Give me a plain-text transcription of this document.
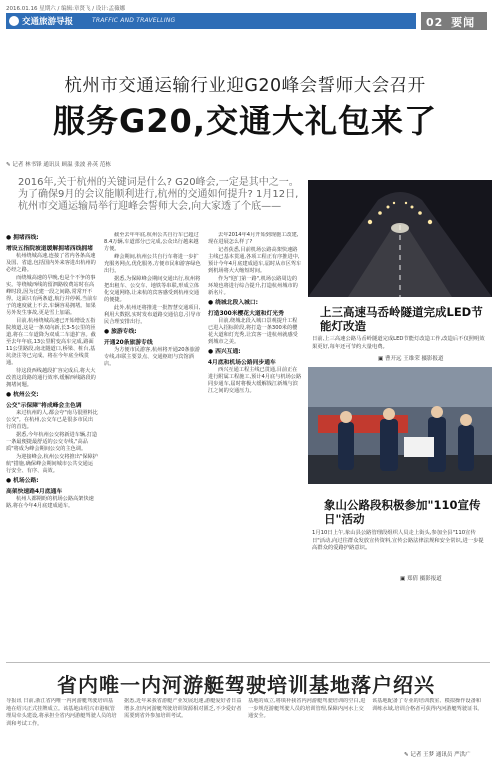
2016.01.16 星期六 / 编辑:章贤飞 / 设计:孟薇娜
交通旅游导报	TRAFFIC AND TRAVELLING	02 要闻
杭州市交通运输行业迎G20峰会誓师大会召开
服务G20,交通大礼包来了
✎ 记者 林书锋 通讯员 顾温 张波 孙英 范栋
2016年,关于杭州的关键词是什么? G20峰会,一定是其中之一。为了确保9月的会议能顺利进行,杭州的交通如何提升? 1月12日,杭州市交通运输局举行迎峰会誓师大会,向大家透了个底——
● 拥堵西线:
增设五指院坡道缓解拥堵西线拥堵

杭州绕城高速,连接了省内各条高速及国、省道,包括国内外来客进出杭州的必经之路。

而绕城高速的早晚,也是个不争的事实。等绕城西线的留泗路收费站时在高峰时段,因为迁建一段之间路,常常开不得。这面只有两条道,航行并停顿,当前车子的速度就上不去,车辆容易拥堵。如果另外发生事故,更是雪上加霜。

目前,杭州绕城高速已开始增设五指院坡道,这是一条双向新,长3-5公里的匝道,将在二车道降为双成二车道扩容。截至去年年底,13公里附变高车完成,路面11公里路段,南北隧道口,桥梁、桩台,基坑浇注等已完成。将在今年底全线贯通。

待这段西线越段扩容完成后,将大大改善这段路的通行效率,缓解西线路段的拥堵问题。

● 杭州公交:
公交"示保障"将成峰会主色调

来过杭州的人,都会夸"南马很照料比公交"。在杭州,公交车已是很多市民出行的首选。

据悉,今年杭州公交将新进车辆,打造一条最便捷最舒适的公交专线,"高品质"将成为峰会期间公交的主色调。

为迎接峰会,杭州公交将推出"保障护航"措施,确保峰会期间城市公共交通运行安全、有序、高效。

● 机场公路:
高架快速路4月底通车

杭州人都期盼的机场公路高架快速路,将在今年4月底建成通车。

截至去年年底,杭州公共自行车已超过8.4万辆,车道部分已完成,公众出行越来越方便。

峰会期间,杭州公共自行车将进一步扩充服务网点,优化服务,方便市民和游客绿色出行。

据悉,为保障峰会期间交通出行,杭州将把出租车、公交车、地铁等串联,形成立体化交通网络,让来杭的宾客感受到杭州交通的便捷。

此外,杭州还将推进一批智慧交通项目,利用大数据,实时发布道路交通信息,引导市民合理安排出行。

● 旅游专线:
开通20条旅游专线

为方便市民游客,杭州将开通20条旅游专线,串联主要景点、交通枢纽与宾馆酒店。

去年2014年4月开始到现施工改建,现在进展怎么样了?

记者获悉,目前机场公路高架快速路主线已基本贯通,各项工程正有序推进中,预计今年4月底建成通车,届时从市区驾车到机场将大大缩短时间。

作为"迎门第一路",机场公路周边的环境也将进行综合提升,打造杭州城市的新名片。

● 绕城北段入城口:
打造300米樱花大道和灯光秀

目前,绕城北段入城口景观提升工程已进入招标阶段,将打造一条300米的樱花大道和灯光秀,让宾客一进杭州就感受到城市之美。

● 西兴互通:
4月底和机场公路同步通车

西兴互通工程主线已贯通,目前正在进行附属工程施工,预计4月底与机场公路同步通车,届时将极大缓解钱江新城与滨江之间的交通压力。

上三高速马岙岭隧道完成LED节能灯改造
日前,上三高速公路马岙岭隧道完成LED节能灯改造工作,改造后不仅照明效果更好,每年还可节约大量电费。
▣ 曹开远 王维荣 摄影报道
象山公路段积极参加"110宣传日"活动
1月10日上午,象山县公路管理段组织人员走上街头,参加全县"110宣传日"活动,向过往群众发放宣传资料,宣传公路法律法规和安全常识,进一步提高群众的爱路护路意识。
▣ 郑倩 摄影报道
省内唯一内河游艇驾驶培训基地落户绍兴
导报讯 日前,浙江省内唯一内河游艇驾驶培训基地在绍兴正式挂牌成立。该基地由绍兴市港航管理局牵头建设,将承担全省内河游艇驾驶人员的培训和考试工作。
据悉,近年来我省游艇产业发展迅速,游艇爱好者日益增多,但内河游艇驾驶培训资源相对匮乏,不少爱好者需要到省外参加培训考试。
基地的成立,将填补我省内河游艇驾驶培训的空白,进一步规范游艇驾驶人员的培训管理,保障内河水上交通安全。
该基地配备了专业的培训教室、模拟操作设备和训练水域,培训合格者可获得内河游艇驾驶证书。
✎ 记者 王梦 通讯员 严洪广
